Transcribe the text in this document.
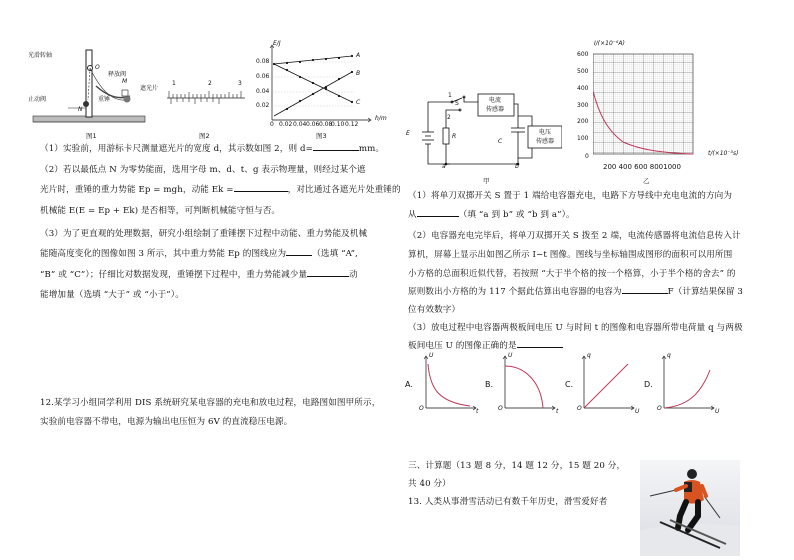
光滑转轴
O
释放阀
M
遮光片
止动阀	重锤
N
图1
1	2	3
图2
E/J
h/m
0.08
0.06
0.04
0.02
0 0.02 0.04 0.06 0.08
0.10 0.12
A
B
C
图3
（1）实验前，用游标卡尺测量遮光片的宽度 d，其示数如图 2，则 d=	mm。
（2）若以最低点 N 为零势能面，选用字母 m、d、t、g 表示物理量，则经过某个遮
光片时，重锤的重力势能 Ep = mgh，动能 Ek =	，对比通过各遮光片处重锤的
机械能 E(E = Ep + Ek) 是否相等，可判断机械能守恒与否。
（3）为了更直观的处理数据，研究小组绘制了重锤摆下过程中动能、重力势能及机械
能随高度变化的图像如图 3 所示，其中重力势能 Ep 的图线应为	（选填 “A”,
“B” 或 “C”）；仔细比对数据发现，重锤摆下过程中，重力势能减少量	动
能增加量（选填 “大于” 或 “小于”）。
12.某学习小组同学利用 DIS 系统研究某电容器的充电和放电过程，电路图如图甲所示，
实验前电容器不带电，电源为输出电压恒为 6V 的直流稳压电源。
1
S
2
E	R
C
a	b
电流
传感器
电压
传感器
甲
I/(×10⁻⁶A)
600
500
400
300
200
100
0
200 400 600 8001000
t/(×10⁻³s)
乙
（1）将单刀双掷开关 S 置于 1 端给电容器充电，电路下方导线中充电电流的方向为
从	（填 “a 到 b” 或 “b 到 a”）。
（2）电容器充电完毕后，将单刀双掷开关 S 拨至 2 端，电流传感器将电流信息传入计
算机，屏幕上显示出如图乙所示 I−t 图像。图线与坐标轴围成图形的面积可以用所围
小方格的总面积近似代替，若按照 “大于半个格的按一个格算，小于半个格的舍去” 的
原则数出小方格的为 117 个据此估算出电容器的电容为	F（计算结果保留 3
位有效数字）
（3）放电过程中电容器两极板间电压 U 与时间 t 的图像和电容器所带电荷量 q 与两极
板间电压 U 的图像正确的是
A.
U
t
O
B.
U
t
O
C.
q
U
O
D.
q
U
O
三、计算题（13 题 8 分，14 题 12 分，15 题 20 分，
共 40 分）
13. 人类从事滑雪活动已有数千年历史，滑雪爱好者
